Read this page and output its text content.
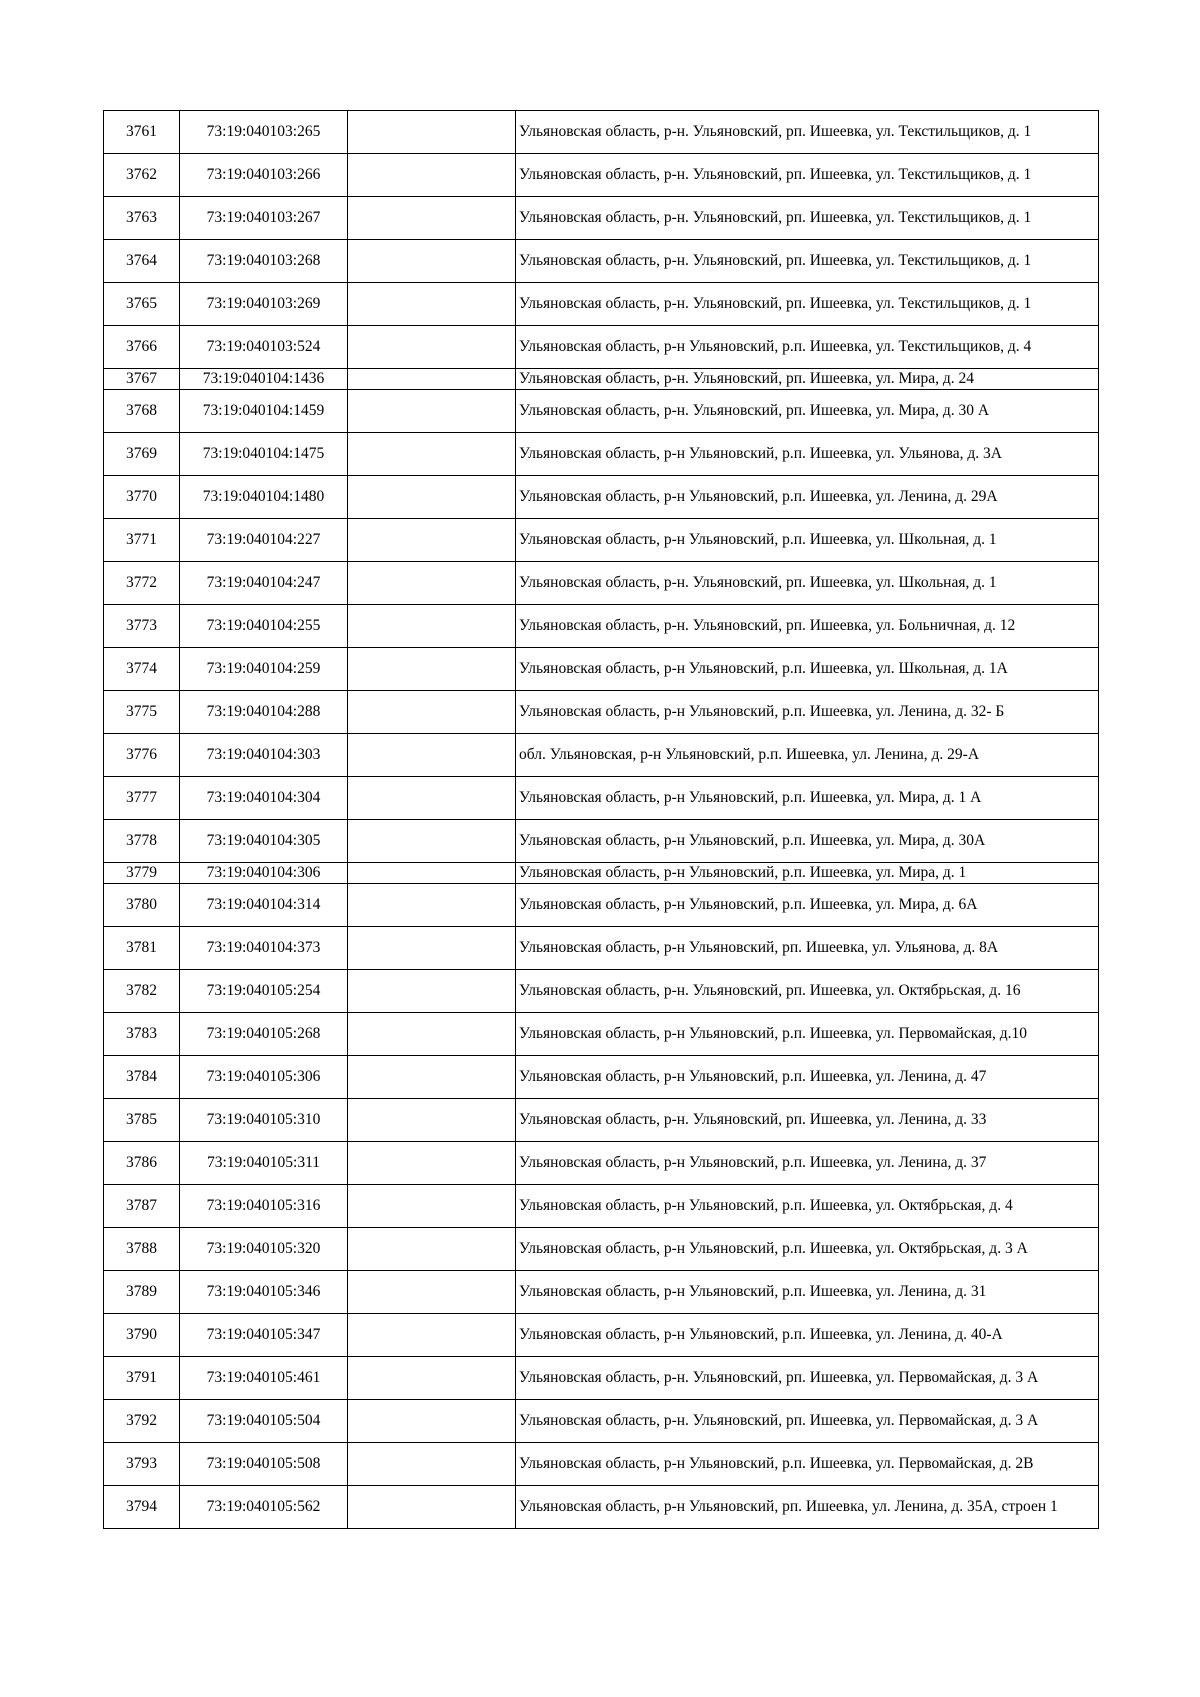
3761	73:19:040103:265		Ульяновская область, р-н. Ульяновский, рп. Ишеевка, ул. Текстильщиков, д. 1
3762	73:19:040103:266		Ульяновская область, р-н. Ульяновский, рп. Ишеевка, ул. Текстильщиков, д. 1
3763	73:19:040103:267		Ульяновская область, р-н. Ульяновский, рп. Ишеевка, ул. Текстильщиков, д. 1
3764	73:19:040103:268		Ульяновская область, р-н. Ульяновский, рп. Ишеевка, ул. Текстильщиков, д. 1
3765	73:19:040103:269		Ульяновская область, р-н. Ульяновский, рп. Ишеевка, ул. Текстильщиков, д. 1
3766	73:19:040103:524		Ульяновская область, р-н Ульяновский, р.п. Ишеевка, ул. Текстильщиков, д. 4
3767	73:19:040104:1436		Ульяновская область, р-н. Ульяновский, рп. Ишеевка, ул. Мира, д. 24
3768	73:19:040104:1459		Ульяновская область, р-н. Ульяновский, рп. Ишеевка, ул. Мира, д. 30 А
3769	73:19:040104:1475		Ульяновская область, р-н Ульяновский, р.п. Ишеевка, ул. Ульянова, д. 3А
3770	73:19:040104:1480		Ульяновская область, р-н Ульяновский, р.п. Ишеевка, ул. Ленина, д. 29А
3771	73:19:040104:227		Ульяновская область, р-н Ульяновский, р.п. Ишеевка, ул. Школьная, д. 1
3772	73:19:040104:247		Ульяновская область, р-н. Ульяновский, рп. Ишеевка, ул. Школьная, д. 1
3773	73:19:040104:255		Ульяновская область, р-н. Ульяновский, рп. Ишеевка, ул. Больничная, д. 12
3774	73:19:040104:259		Ульяновская область, р-н Ульяновский, р.п. Ишеевка, ул. Школьная, д. 1А
3775	73:19:040104:288		Ульяновская область, р-н Ульяновский, р.п. Ишеевка, ул. Ленина, д. 32- Б
3776	73:19:040104:303		обл. Ульяновская, р-н Ульяновский, р.п. Ишеевка, ул. Ленина, д. 29-А
3777	73:19:040104:304		Ульяновская область, р-н Ульяновский, р.п. Ишеевка, ул. Мира, д. 1 А
3778	73:19:040104:305		Ульяновская область, р-н Ульяновский, р.п. Ишеевка, ул. Мира, д. 30А
3779	73:19:040104:306		Ульяновская область, р-н Ульяновский, р.п. Ишеевка, ул. Мира, д. 1
3780	73:19:040104:314		Ульяновская область, р-н Ульяновский, р.п. Ишеевка, ул. Мира, д. 6А
3781	73:19:040104:373		Ульяновская область, р-н Ульяновский, рп. Ишеевка, ул. Ульянова, д. 8А
3782	73:19:040105:254		Ульяновская область, р-н. Ульяновский, рп. Ишеевка, ул. Октябрьская, д. 16
3783	73:19:040105:268		Ульяновская область, р-н Ульяновский, р.п. Ишеевка, ул. Первомайская, д.10
3784	73:19:040105:306		Ульяновская область, р-н Ульяновский, р.п. Ишеевка, ул. Ленина, д. 47
3785	73:19:040105:310		Ульяновская область, р-н. Ульяновский, рп. Ишеевка, ул. Ленина, д. 33
3786	73:19:040105:311		Ульяновская область, р-н Ульяновский, р.п. Ишеевка, ул. Ленина, д. 37
3787	73:19:040105:316		Ульяновская область, р-н Ульяновский, р.п. Ишеевка, ул. Октябрьская, д. 4
3788	73:19:040105:320		Ульяновская область, р-н Ульяновский, р.п. Ишеевка, ул. Октябрьская, д. 3 А
3789	73:19:040105:346		Ульяновская область, р-н Ульяновский, р.п. Ишеевка, ул. Ленина, д. 31
3790	73:19:040105:347		Ульяновская область, р-н Ульяновский, р.п. Ишеевка, ул. Ленина, д. 40-А
3791	73:19:040105:461		Ульяновская область, р-н. Ульяновский, рп. Ишеевка, ул. Первомайская, д. 3 А
3792	73:19:040105:504		Ульяновская область, р-н. Ульяновский, рп. Ишеевка, ул. Первомайская, д. 3 А
3793	73:19:040105:508		Ульяновская область, р-н Ульяновский, р.п. Ишеевка, ул. Первомайская, д. 2В
3794	73:19:040105:562		Ульяновская область, р-н Ульяновский, рп. Ишеевка, ул. Ленина, д. 35А, строен 1
